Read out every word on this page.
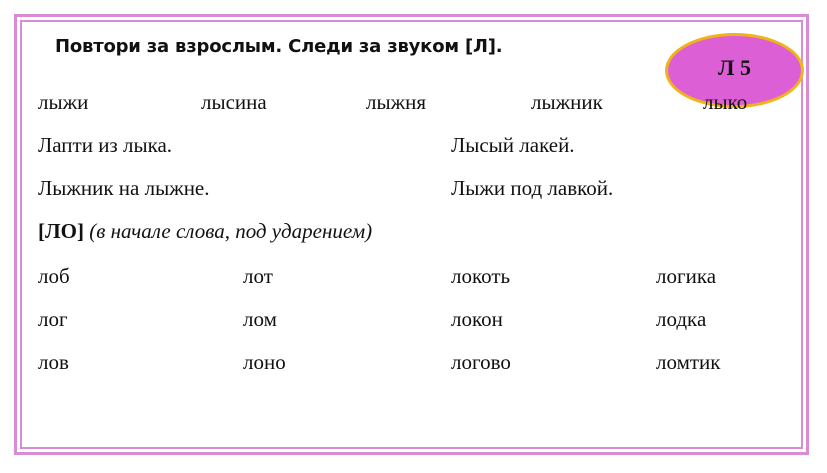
Повтори за взрослым. Следи за звуком [Л].
Л 5
лыжи	лысина	лыжня	лыжник	лыко
Лапти из лыка.	Лысый лакей.
Лыжник на лыжне.	Лыжи под лавкой.
[ЛО] (в начале слова, под ударением)
лоб	лот	локоть	логика
лог	лом	локон	лодка
лов	лоно	логово	ломтик
